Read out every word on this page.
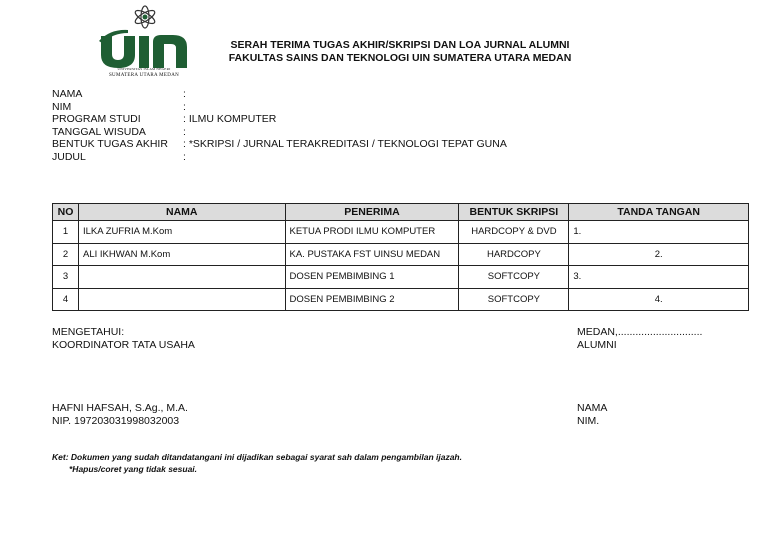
UNIVERSITAS ISLAM NEGERI
SUMATERA UTARA MEDAN
SERAH TERIMA TUGAS AKHIR/SKRIPSI DAN LOA JURNAL ALUMNI
FAKULTAS SAINS DAN TEKNOLOGI UIN SUMATERA UTARA MEDAN
NAMA	:
NIM	:
PROGRAM STUDI	: ILMU KOMPUTER
TANGGAL WISUDA	:
BENTUK TUGAS AKHIR : *SKRIPSI / JURNAL TERAKREDITASI / TEKNOLOGI TEPAT GUNA
JUDUL	:
NO	NAMA	PENERIMA	BENTUK SKRIPSI	TANDA TANGAN
1	ILKA ZUFRIA M.Kom	KETUA PRODI ILMU KOMPUTER	HARDCOPY & DVD	1.
2	ALI IKHWAN M.Kom	KA. PUSTAKA FST UINSU MEDAN	HARDCOPY	2.
3		DOSEN PEMBIMBING 1	SOFTCOPY	3.
4		DOSEN PEMBIMBING 2	SOFTCOPY	4.
MENGETAHUI:
KOORDINATOR TATA USAHA
HAFNI HAFSAH, S.Ag., M.A.
NIP. 197203031998032003
MEDAN,.............................
ALUMNI
NAMA
NIM.
Ket: Dokumen yang sudah ditandatangani ini dijadikan sebagai syarat sah dalam pengambilan ijazah.
*Hapus/coret yang tidak sesuai.
